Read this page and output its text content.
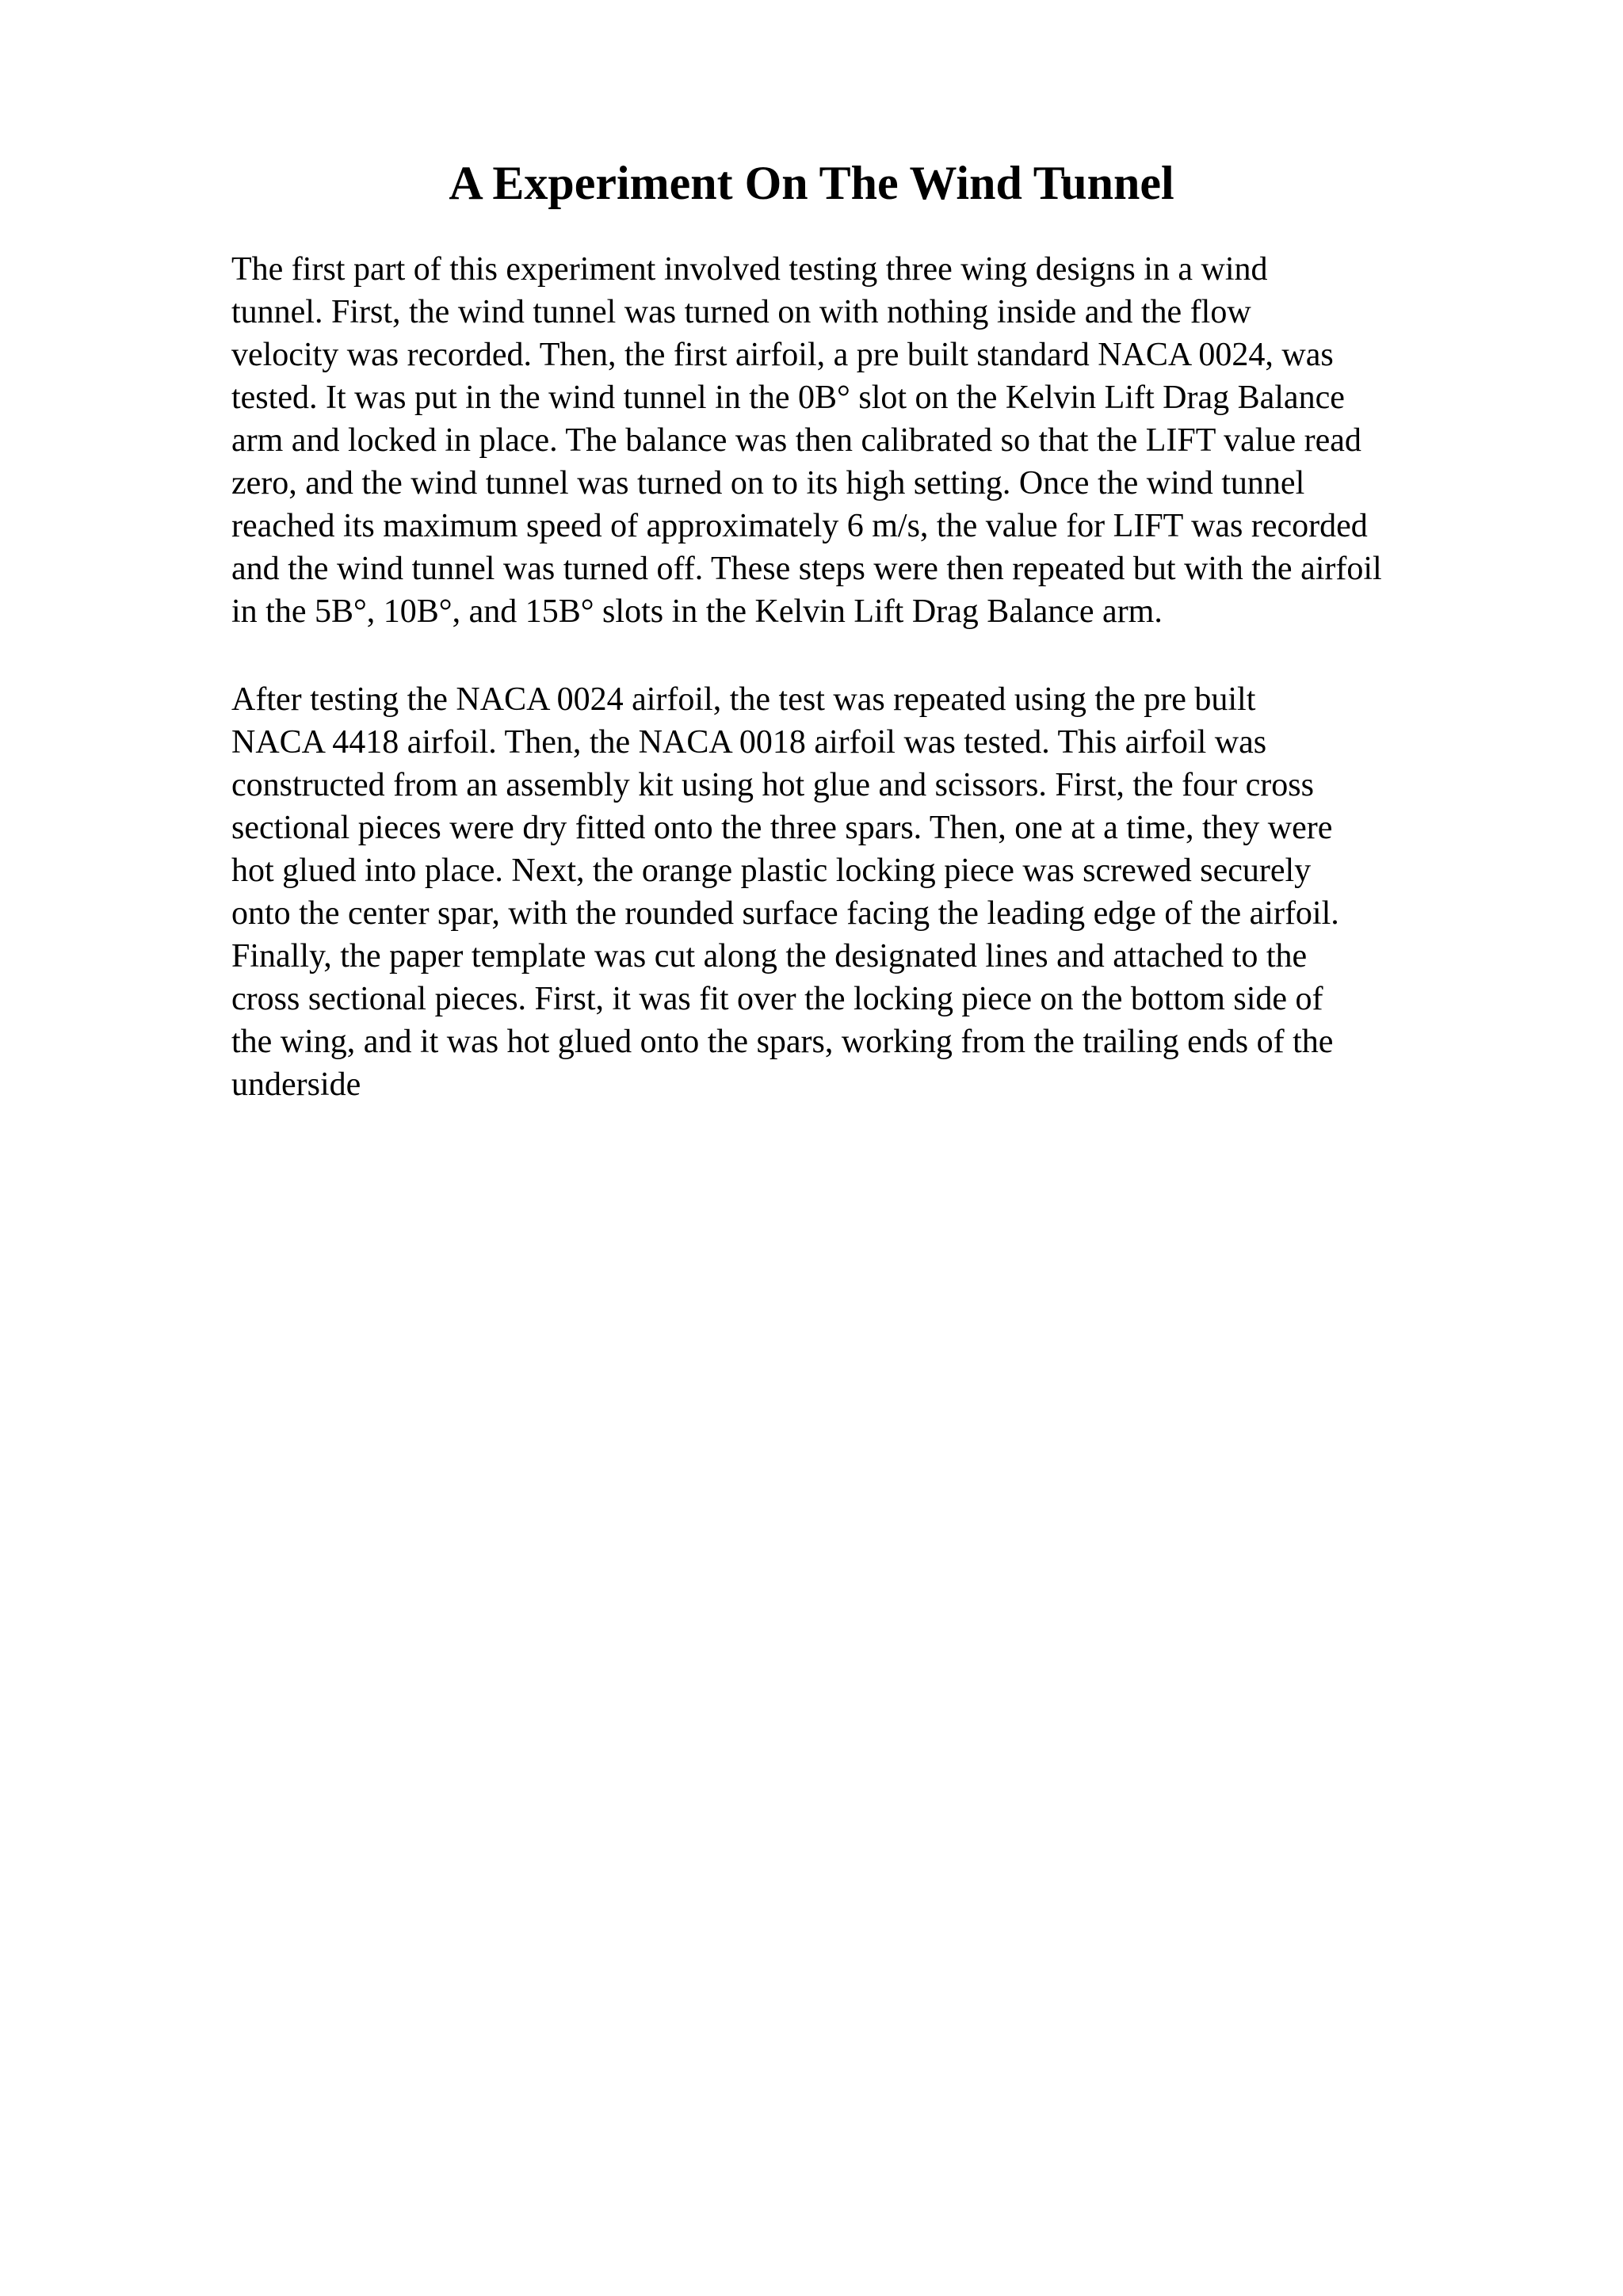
A Experiment On The Wind Tunnel
The first part of this experiment involved testing three wing designs in a wind
tunnel. First, the wind tunnel was turned on with nothing inside and the flow
velocity was recorded. Then, the first airfoil, a pre built standard NACA 0024, was
tested. It was put in the wind tunnel in the 0B° slot on the Kelvin Lift Drag Balance
arm and locked in place. The balance was then calibrated so that the LIFT value read
zero, and the wind tunnel was turned on to its high setting. Once the wind tunnel
reached its maximum speed of approximately 6 m/s, the value for LIFT was recorded
and the wind tunnel was turned off. These steps were then repeated but with the airfoil
in the 5B°, 10B°, and 15B° slots in the Kelvin Lift Drag Balance arm.
After testing the NACA 0024 airfoil, the test was repeated using the pre built
NACA 4418 airfoil. Then, the NACA 0018 airfoil was tested. This airfoil was
constructed from an assembly kit using hot glue and scissors. First, the four cross
sectional pieces were dry fitted onto the three spars. Then, one at a time, they were
hot glued into place. Next, the orange plastic locking piece was screwed securely
onto the center spar, with the rounded surface facing the leading edge of the airfoil.
Finally, the paper template was cut along the designated lines and attached to the
cross sectional pieces. First, it was fit over the locking piece on the bottom side of
the wing, and it was hot glued onto the spars, working from the trailing ends of the
underside
